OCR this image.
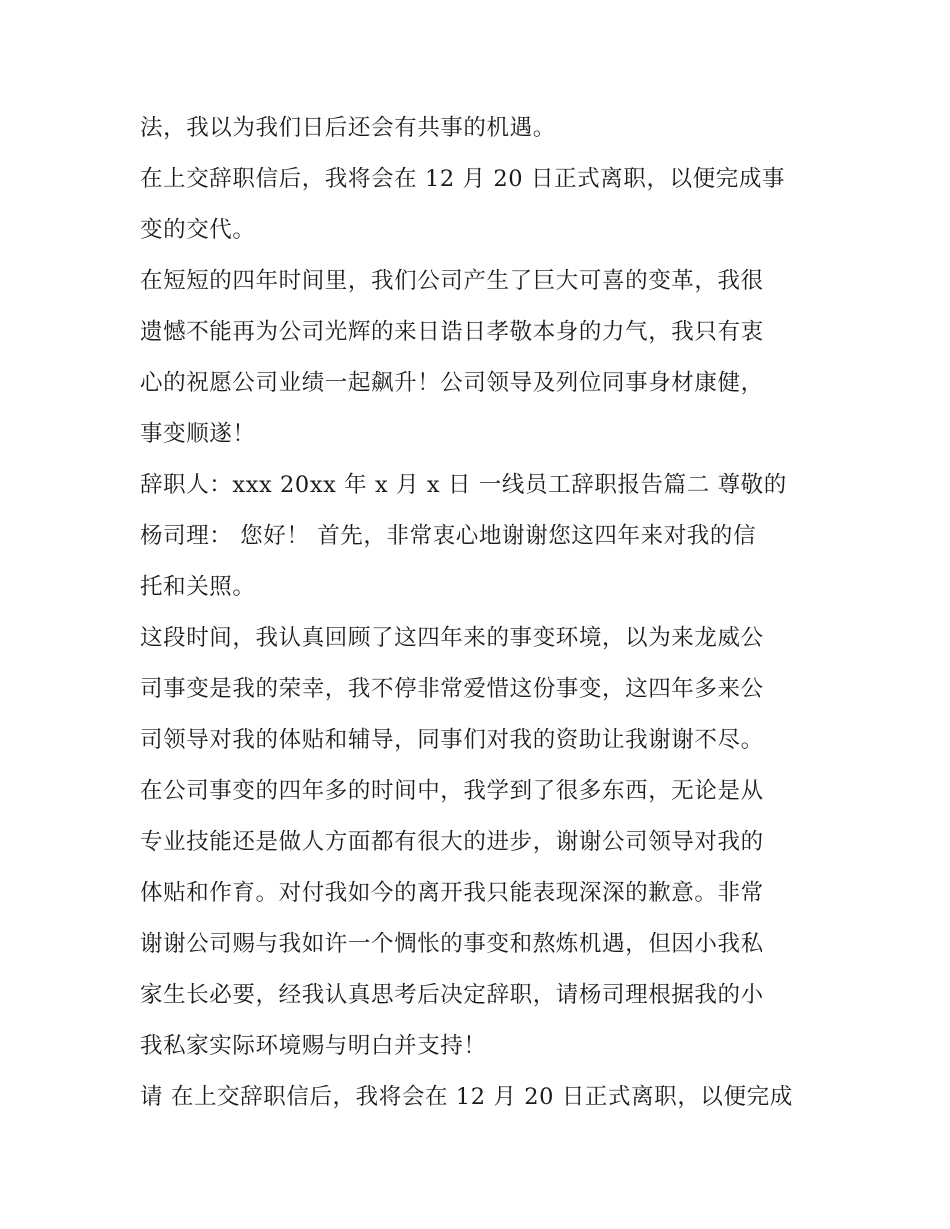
法，我以为我们日后还会有共事的机遇。
在上交辞职信后，我将会在 12 月 20 日正式离职，以便完成事
变的交代。
在短短的四年时间里，我们公司产生了巨大可喜的变革，我很
遗憾不能再为公司光辉的来日诰日孝敬本身的力气，我只有衷
心的祝愿公司业绩一起飙升！公司领导及列位同事身材康健，
事变顺遂！
辞职人：xxx 20xx 年 x 月 x 日 一线员工辞职报告篇二 尊敬的
杨司理： 您好！ 首先，非常衷心地谢谢您这四年来对我的信
托和关照。
这段时间，我认真回顾了这四年来的事变环境，以为来龙威公
司事变是我的荣幸，我不停非常爱惜这份事变，这四年多来公
司领导对我的体贴和辅导，同事们对我的资助让我谢谢不尽。
在公司事变的四年多的时间中，我学到了很多东西，无论是从
专业技能还是做人方面都有很大的进步，谢谢公司领导对我的
体贴和作育。对付我如今的离开我只能表现深深的歉意。非常
谢谢公司赐与我如许一个惆怅的事变和熬炼机遇，但因小我私
家生长必要，经我认真思考后决定辞职，请杨司理根据我的小
我私家实际环境赐与明白并支持！
请 在上交辞职信后，我将会在 12 月 20 日正式离职，以便完成
